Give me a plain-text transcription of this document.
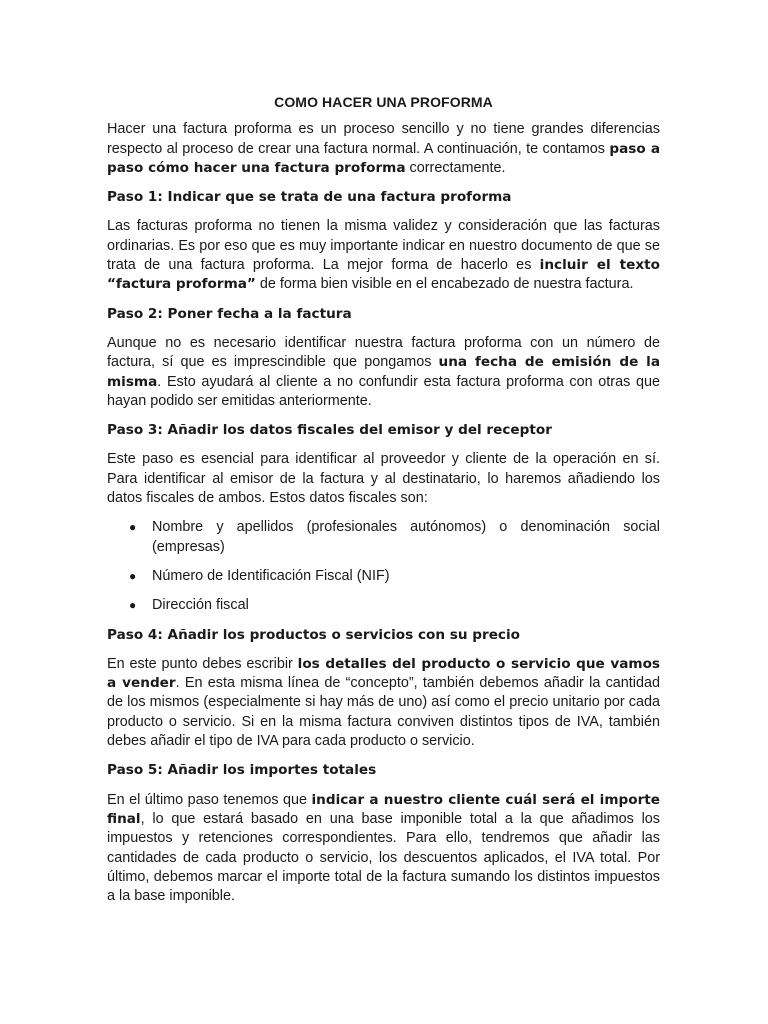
COMO HACER UNA PROFORMA

Hacer una factura proforma es un proceso sencillo y no tiene grandes diferencias respecto al proceso de crear una factura normal. A continuación, te contamos paso a paso cómo hacer una factura proforma correctamente.

Paso 1: Indicar que se trata de una factura proforma

Las facturas proforma no tienen la misma validez y consideración que las facturas ordinarias. Es por eso que es muy importante indicar en nuestro documento de que se trata de una factura proforma. La mejor forma de hacerlo es incluir el texto “factura proforma” de forma bien visible en el encabezado de nuestra factura.

Paso 2: Poner fecha a la factura

Aunque no es necesario identificar nuestra factura proforma con un número de factura, sí que es imprescindible que pongamos una fecha de emisión de la misma. Esto ayudará al cliente a no confundir esta factura proforma con otras que hayan podido ser emitidas anteriormente.

Paso 3: Añadir los datos fiscales del emisor y del receptor

Este paso es esencial para identificar al proveedor y cliente de la operación en sí. Para identificar al emisor de la factura y al destinatario, lo haremos añadiendo los datos fiscales de ambos. Estos datos fiscales son:

● Nombre y apellidos (profesionales autónomos) o denominación social (empresas)
● Número de Identificación Fiscal (NIF)
● Dirección fiscal
Paso 4: Añadir los productos o servicios con su precio

En este punto debes escribir los detalles del producto o servicio que vamos a vender. En esta misma línea de “concepto”, también debemos añadir la cantidad de los mismos (especialmente si hay más de uno) así como el precio unitario por cada producto o servicio. Si en la misma factura conviven distintos tipos de IVA, también debes añadir el tipo de IVA para cada producto o servicio.

Paso 5: Añadir los importes totales

En el último paso tenemos que indicar a nuestro cliente cuál será el importe final, lo que estará basado en una base imponible total a la que añadimos los impuestos y retenciones correspondientes. Para ello, tendremos que añadir las cantidades de cada producto o servicio, los descuentos aplicados, el IVA total. Por último, debemos marcar el importe total de la factura sumando los distintos impuestos a la base imponible.
